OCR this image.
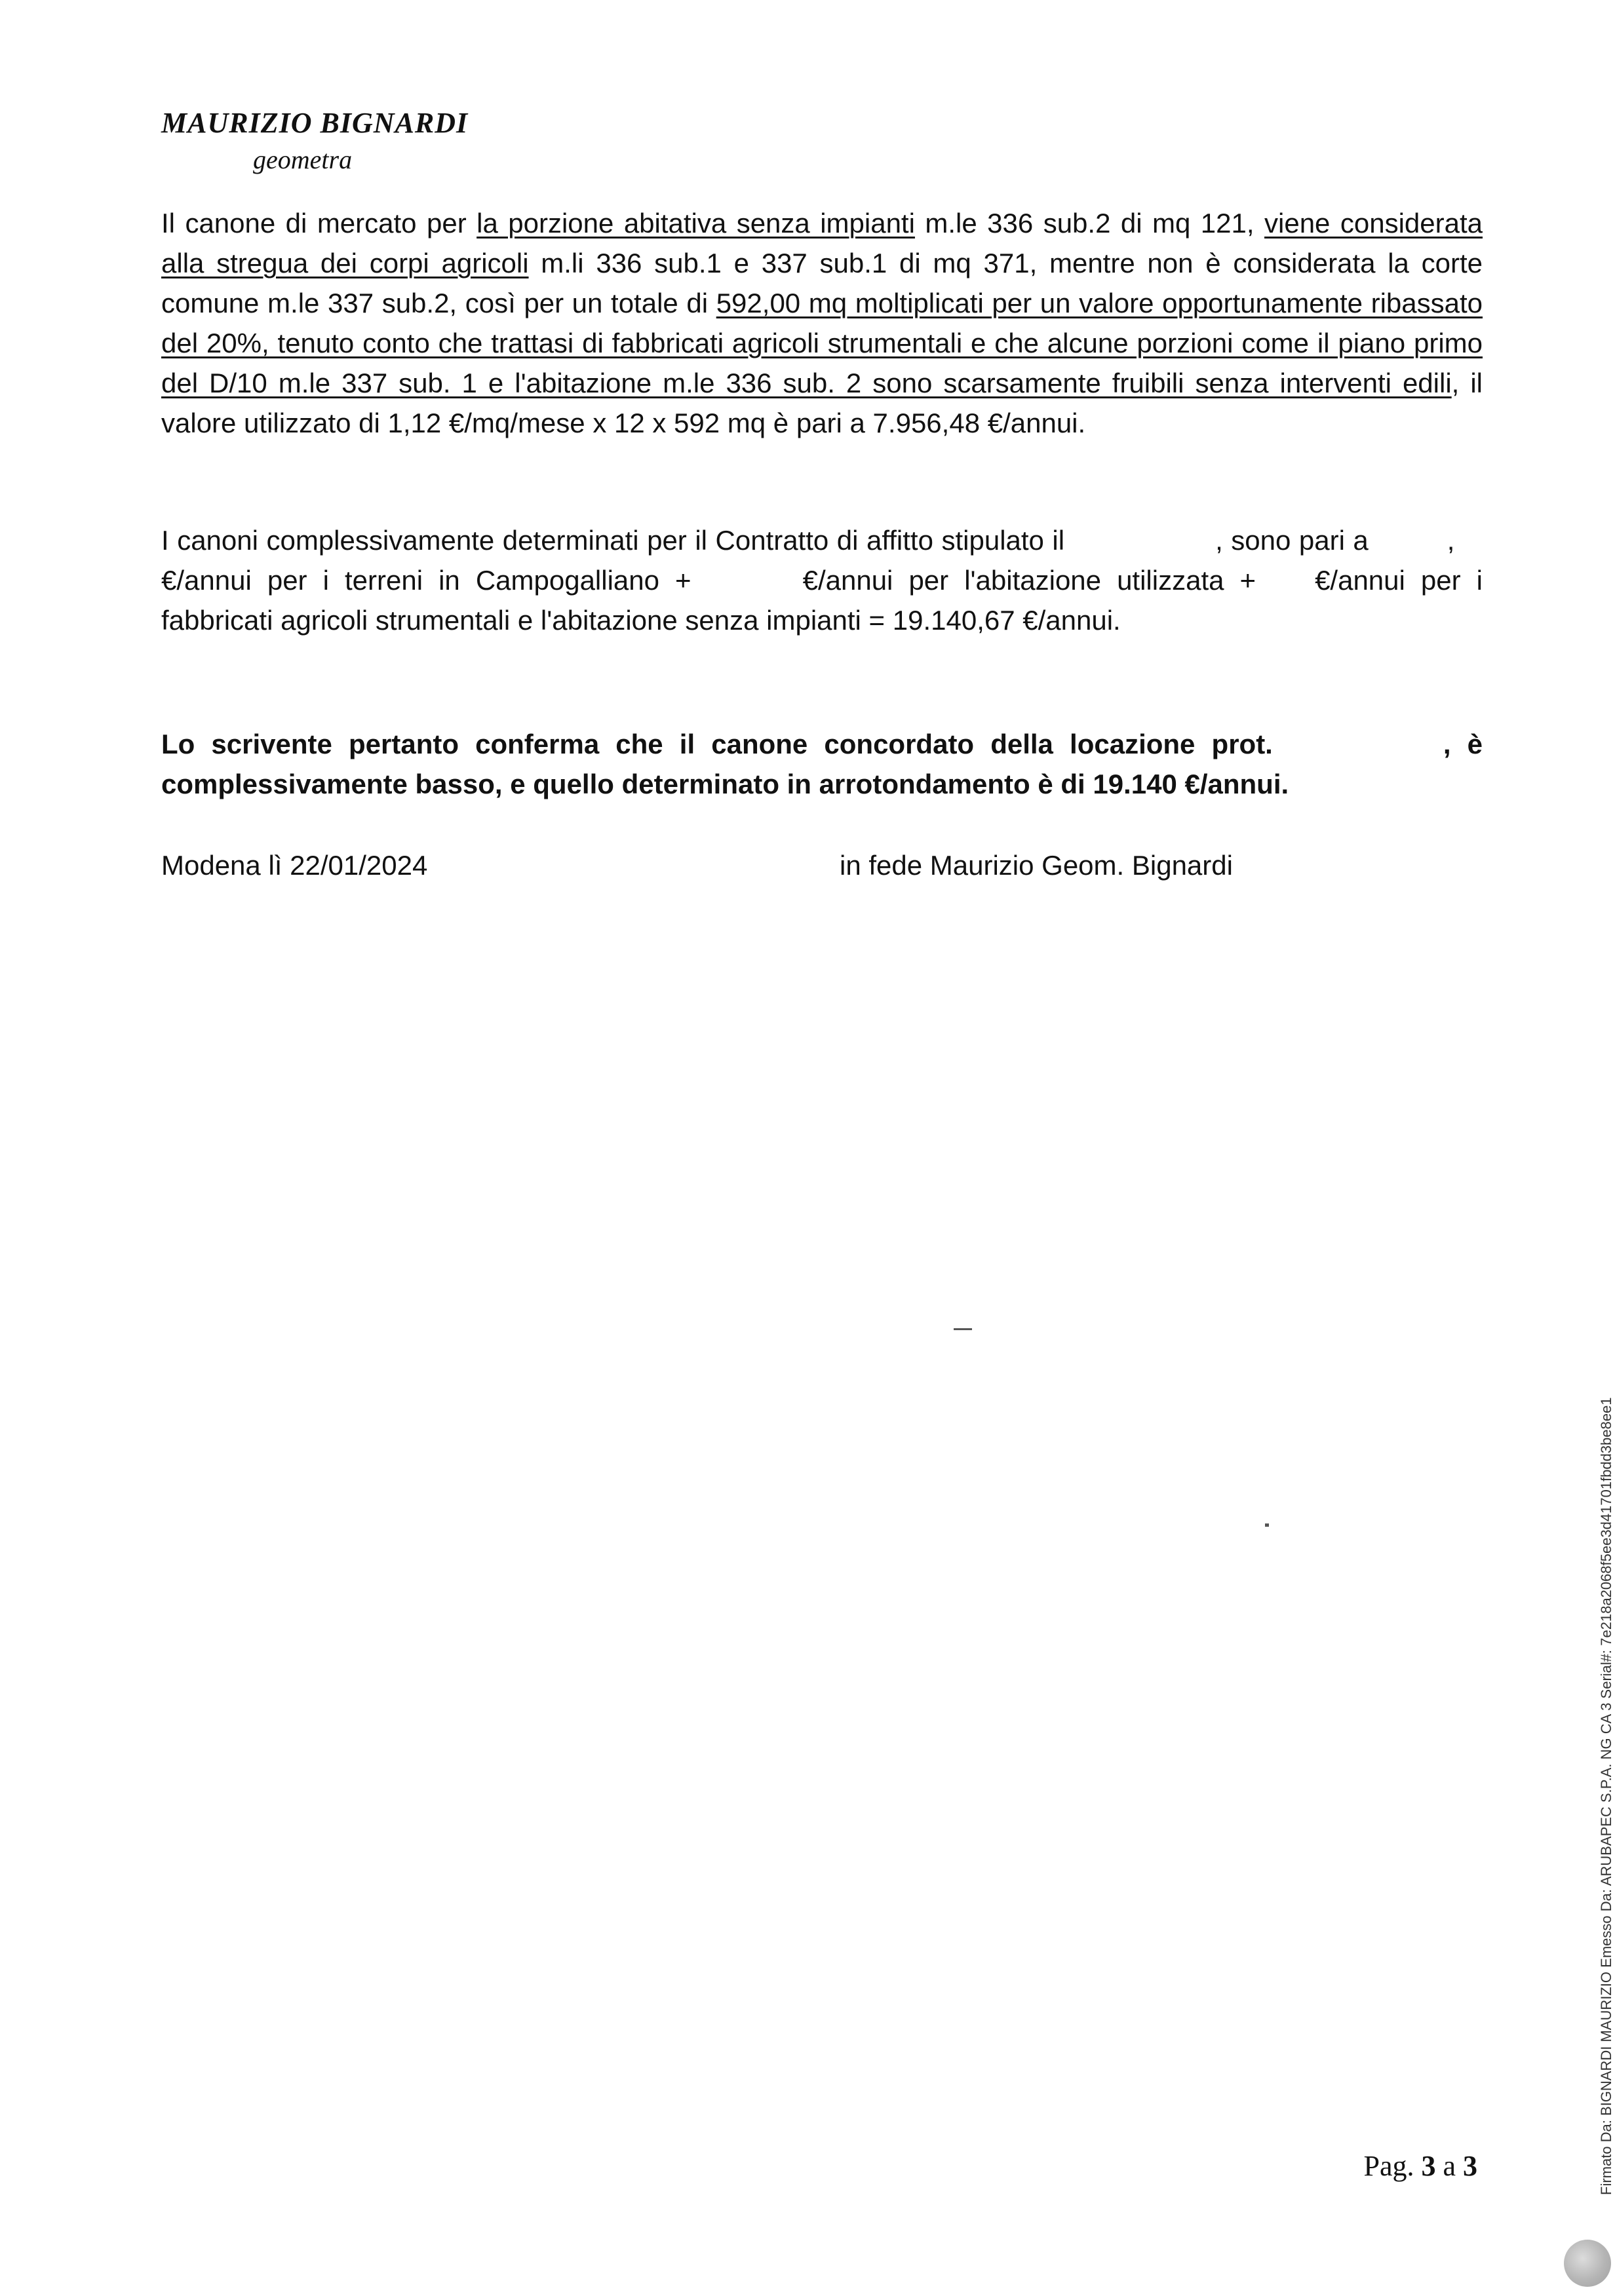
MAURIZIO BIGNARDI
geometra
Il canone di mercato per la porzione abitativa senza impianti m.le 336 sub.2 di mq 121, viene considerata alla stregua dei corpi agricoli m.li 336 sub.1 e 337 sub.1 di mq 371, mentre non è considerata la corte comune m.le 337 sub.2, così per un totale di 592,00 mq moltiplicati per un valore opportunamente ribassato del 20%, tenuto conto che trattasi di fabbricati agricoli strumentali e che alcune porzioni come il piano primo del D/10 m.le 337 sub. 1 e l'abitazione m.le 336 sub. 2 sono scarsamente fruibili senza interventi edili, il valore utilizzato di 1,12 €/mq/mese x 12 x 592 mq è pari a 7.956,48 €/annui.
I canoni complessivamente determinati per il Contratto di affitto stipulato il	, sono pari a	, €/annui per i terreni in Campogalliano +	€/annui per l'abitazione utilizzata + €/annui per i fabbricati agricoli strumentali e l'abitazione senza impianti = 19.140,67 €/annui.
Lo scrivente pertanto conferma che il canone concordato della locazione prot.	, è complessivamente basso, e quello determinato in arrotondamento è di 19.140 €/annui.
Modena lì 22/01/2024	in fede Maurizio Geom. Bignardi
Pag. 3 a 3	Firmato Da: BIGNARDI MAURIZIO Emesso Da: ARUBAPEC S.P.A. NG CA 3 Serial#: 7e218a2068f5ee3d41701fbdd3be8ee1
